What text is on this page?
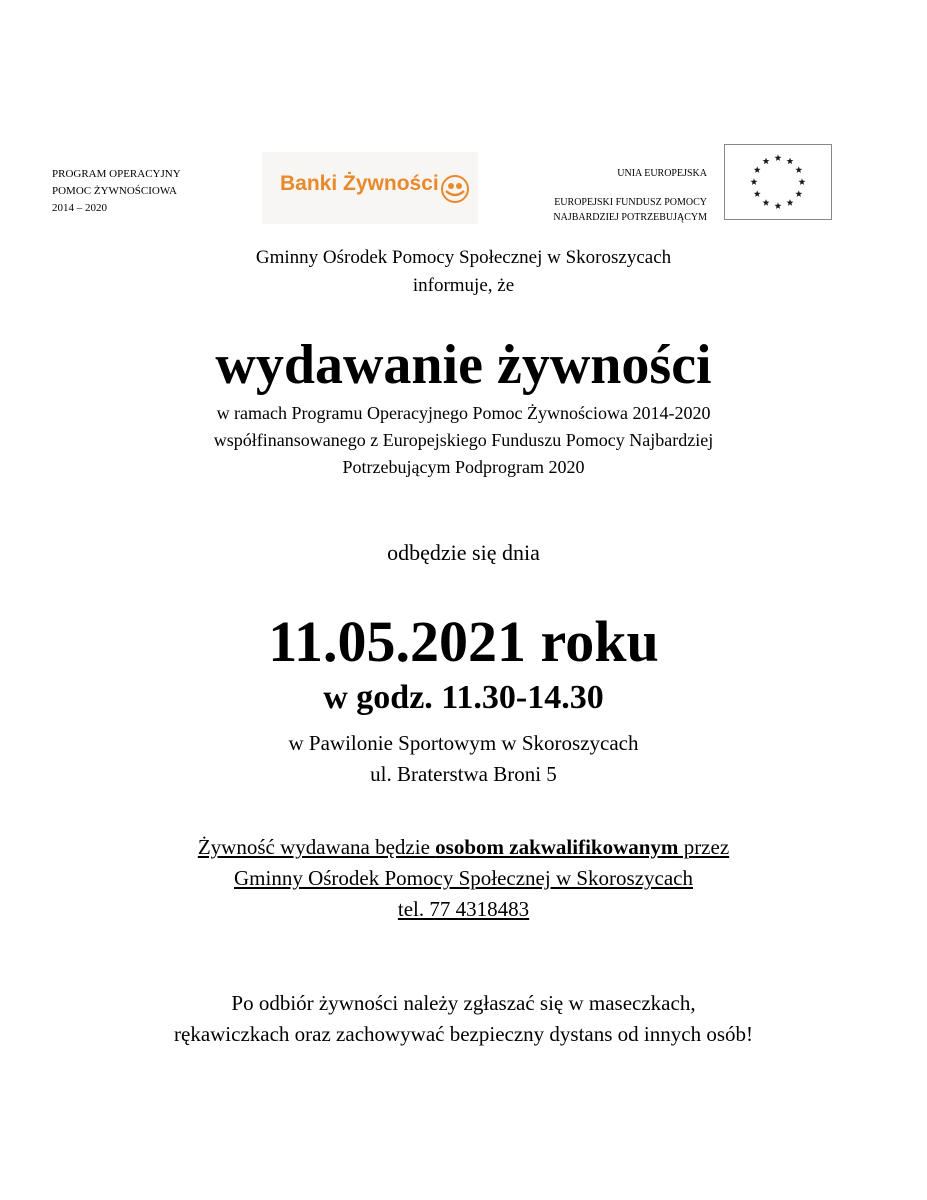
PROGRAM OPERACYJNY
POMOC ŻYWNOŚCIOWA
2014 – 2020
Banki Żywności	UNIA EUROPEJSKA
EUROPEJSKI FUNDUSZ POMOCY
NAJBARDZIEJ POTRZEBUJĄCYM
Gminny Ośrodek Pomocy Społecznej w Skoroszycach
informuje, że
wydawanie żywności
w ramach Programu Operacyjnego Pomoc Żywnościowa 2014-2020
współfinansowanego z Europejskiego Funduszu Pomocy Najbardziej
Potrzebującym Podprogram 2020
odbędzie się dnia
11.05.2021 roku
w godz. 11.30-14.30
w Pawilonie Sportowym w Skoroszycach
ul. Braterstwa Broni 5
Żywność wydawana będzie osobom zakwalifikowanym przez
Gminny Ośrodek Pomocy Społecznej w Skoroszycach
tel. 77 4318483
Po odbiór żywności należy zgłaszać się w maseczkach,
rękawiczkach oraz zachowywać bezpieczny dystans od innych osób!
